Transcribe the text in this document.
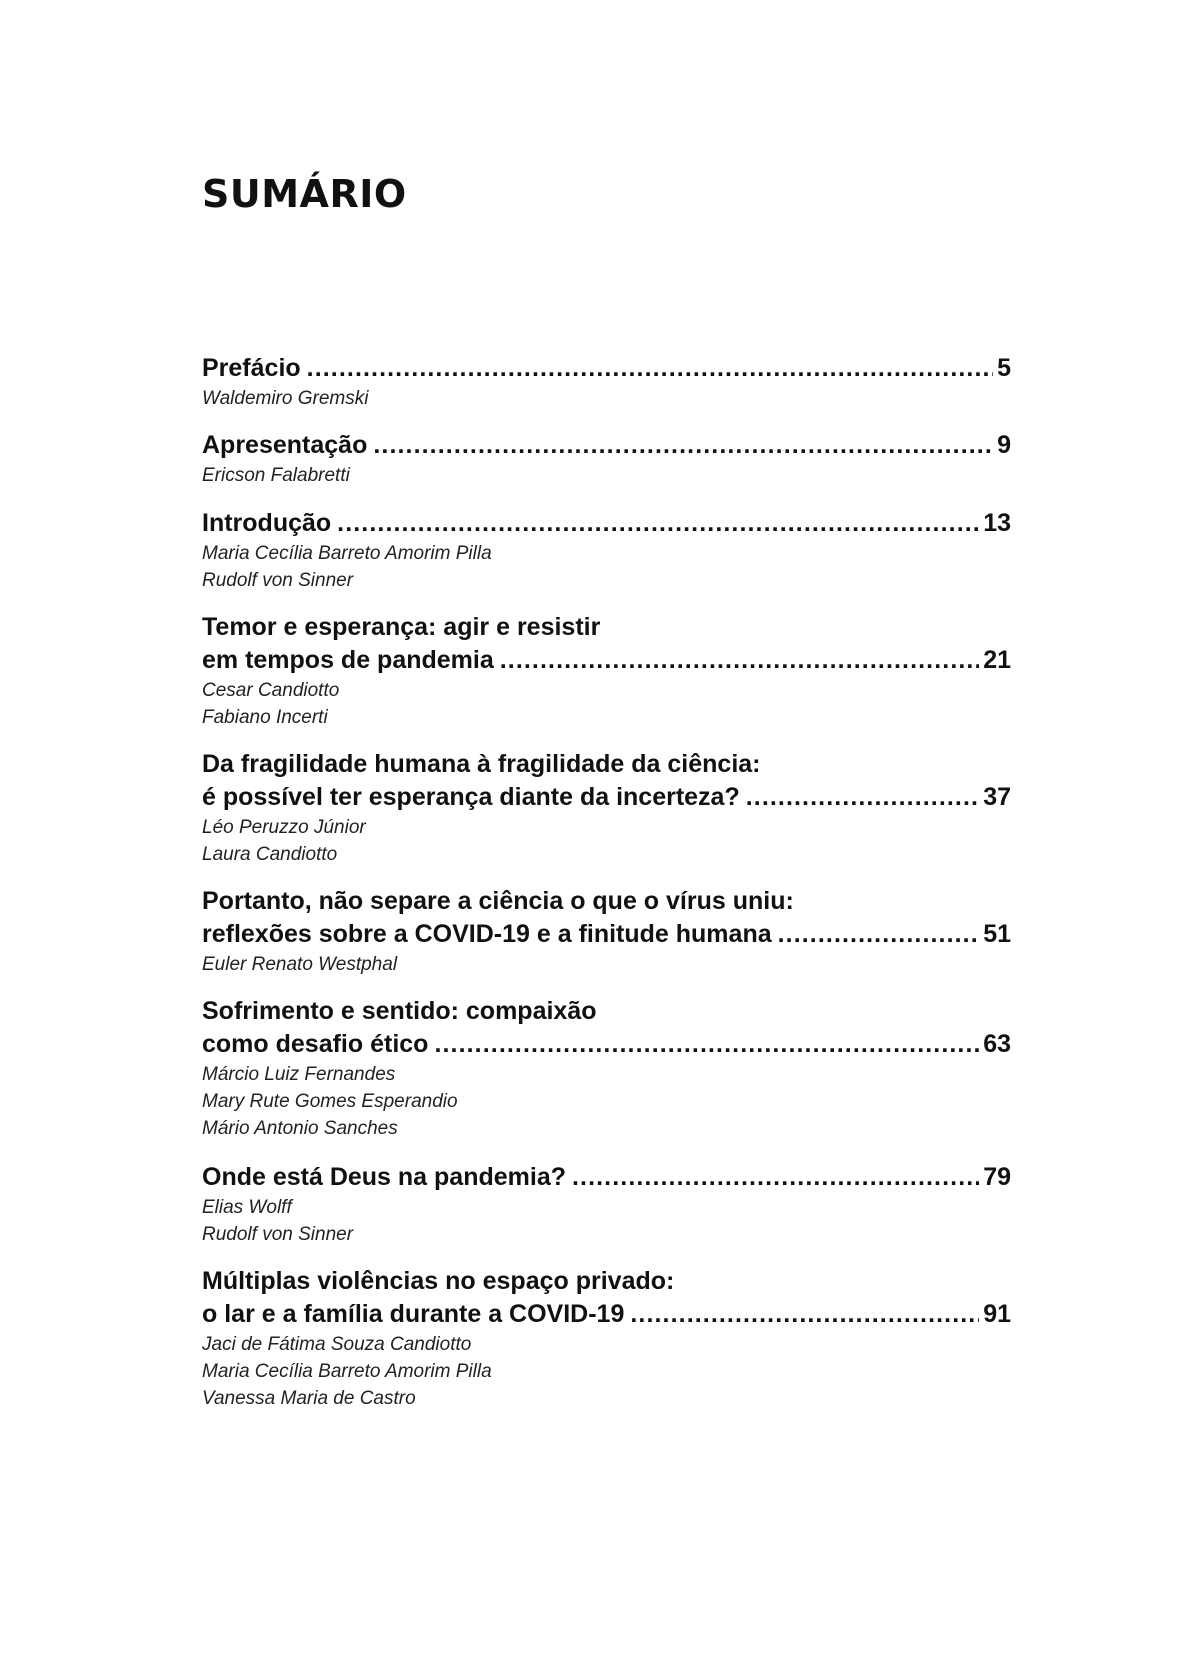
SUMÁRIO
Prefácio .....	5
Waldemiro Gremski
Apresentação .....	9
Ericson Falabretti
Introdução .....	13
Maria Cecília Barreto Amorim Pilla
Rudolf von Sinner
Temor e esperança: agir e resistir
em tempos de pandemia .....	21
Cesar Candiotto
Fabiano Incerti
Da fragilidade humana à fragilidade da ciência:
é possível ter esperança diante da incerteza? .....	37
Léo Peruzzo Júnior
Laura Candiotto
Portanto, não separe a ciência o que o vírus uniu:
reflexões sobre a COVID-19 e a finitude humana .....	51
Euler Renato Westphal
Sofrimento e sentido: compaixão
como desafio ético .....	63
Márcio Luiz Fernandes
Mary Rute Gomes Esperandio
Mário Antonio Sanches
Onde está Deus na pandemia? .....	79
Elias Wolff
Rudolf von Sinner
Múltiplas violências no espaço privado:
o lar e a família durante a COVID-19 .....	91
Jaci de Fátima Souza Candiotto
Maria Cecília Barreto Amorim Pilla
Vanessa Maria de Castro
